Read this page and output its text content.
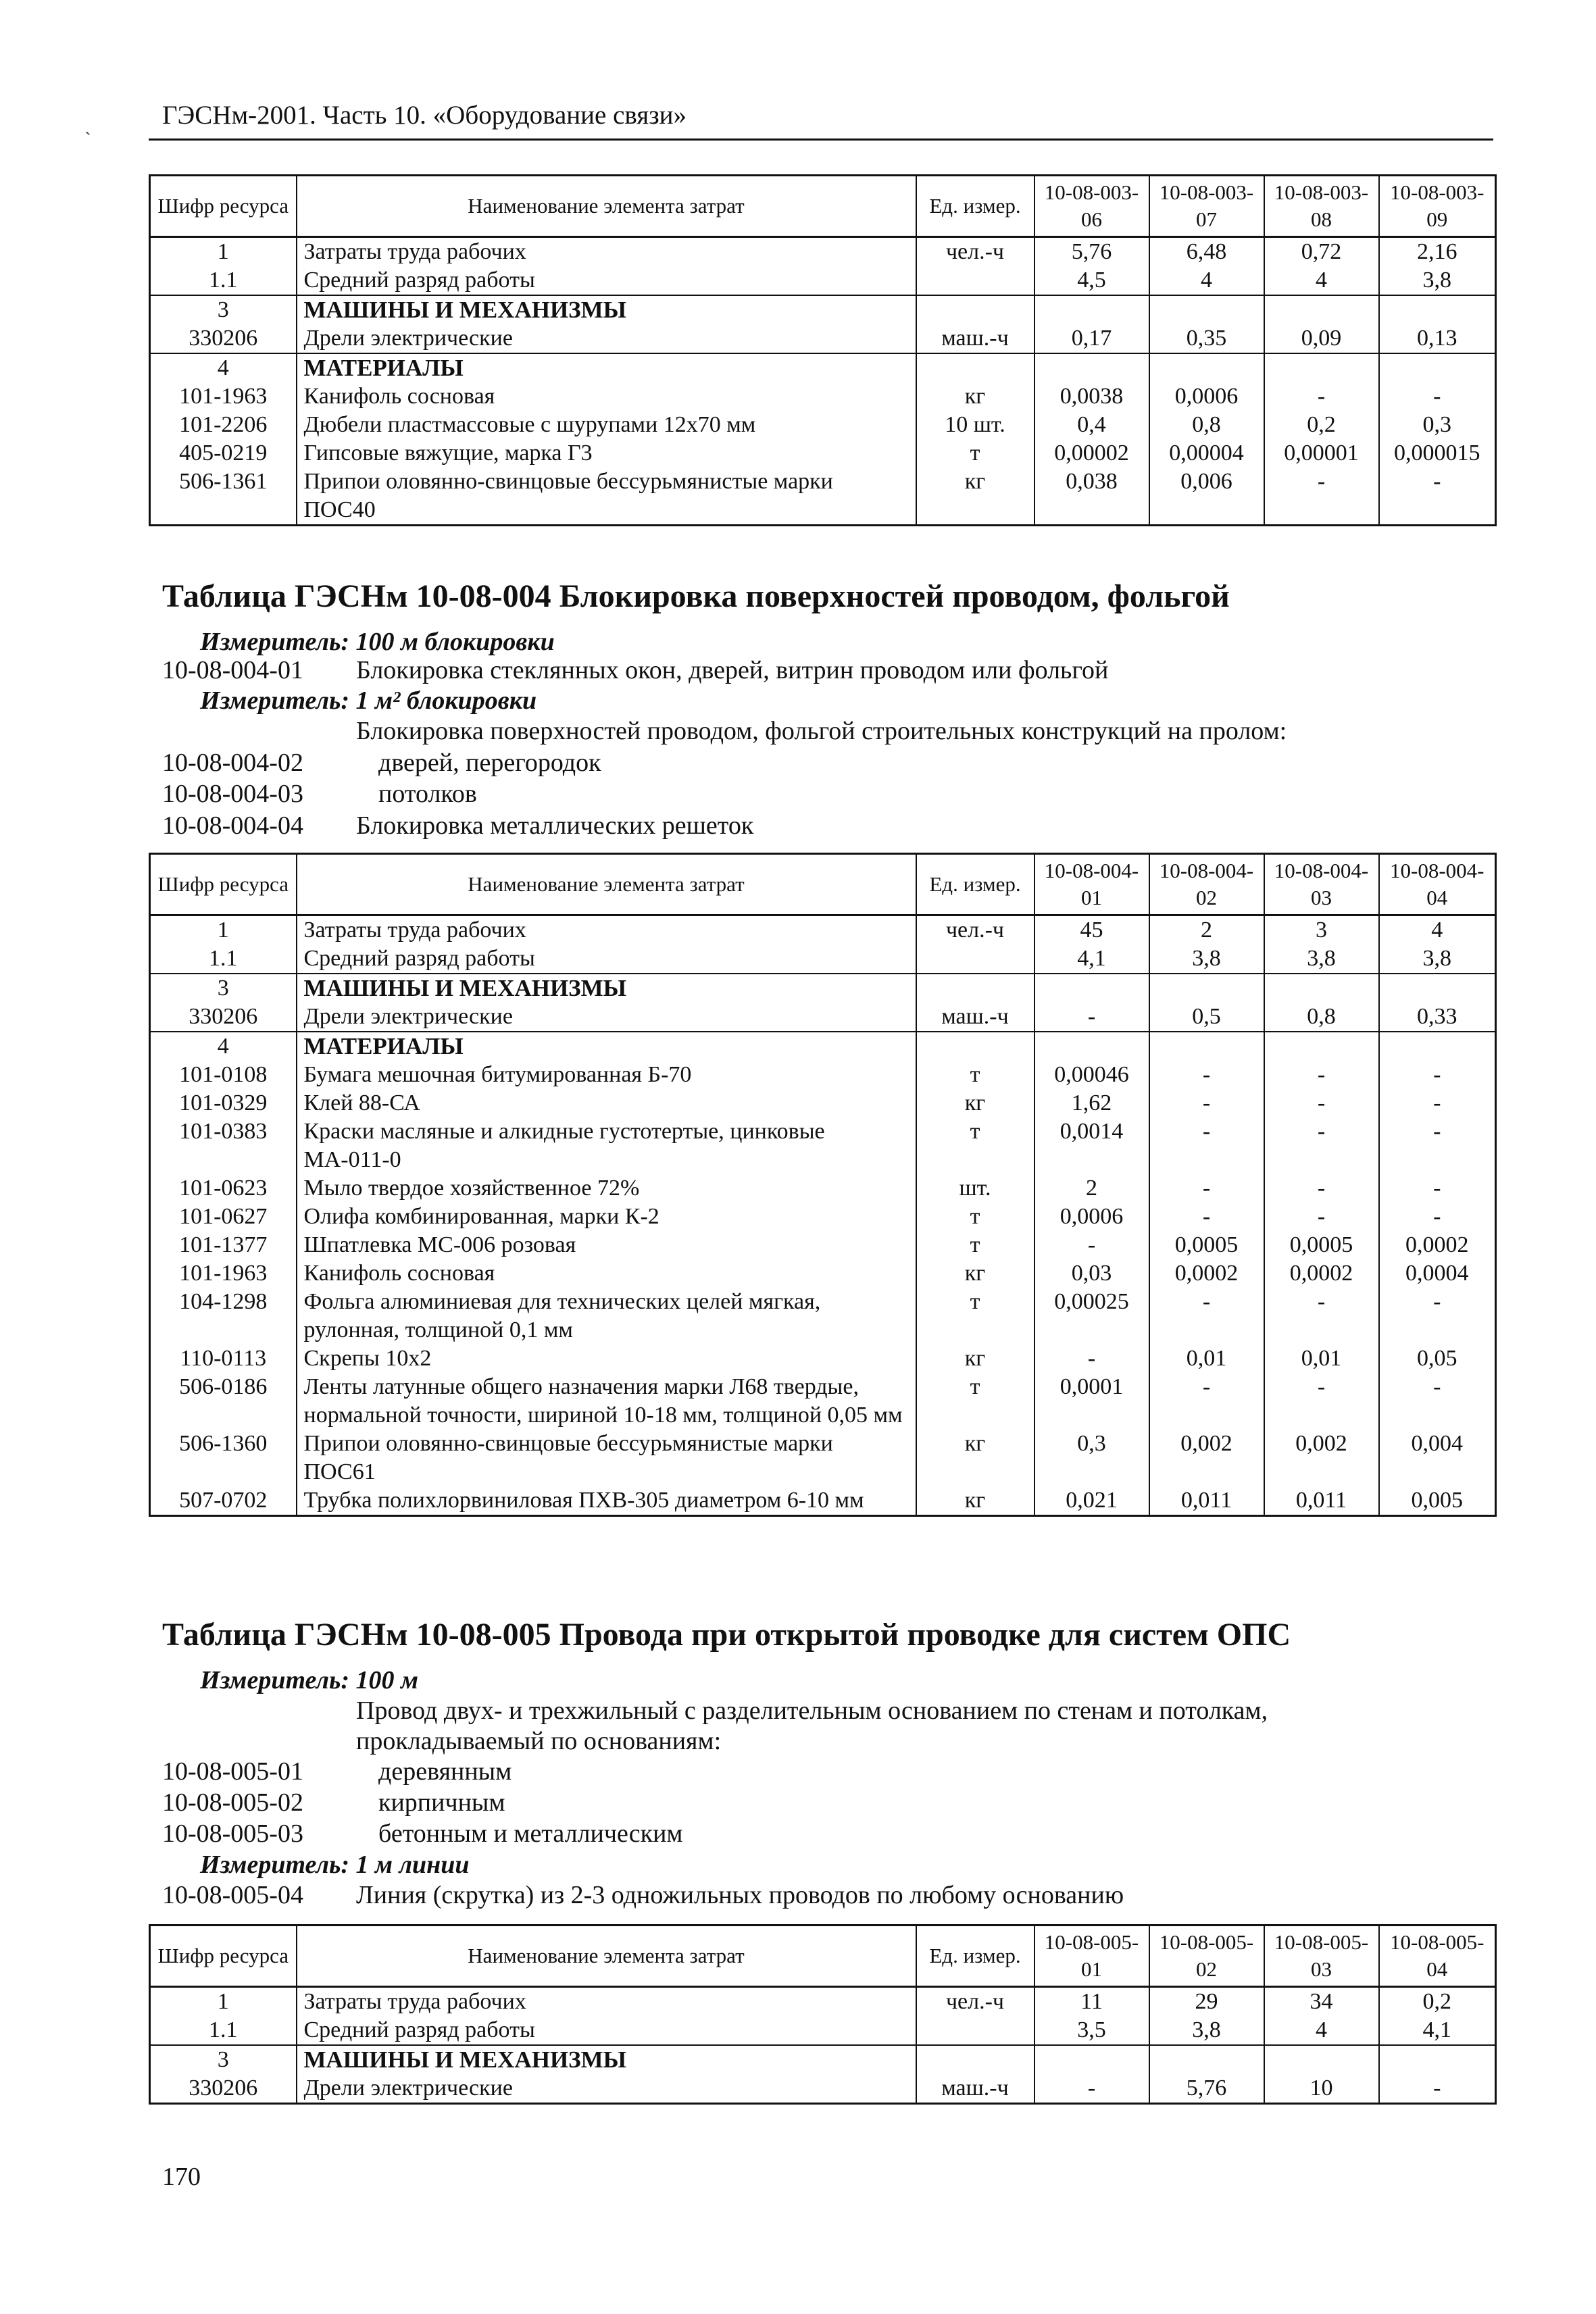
`
ГЭСНм-2001. Часть 10. «Оборудование связи»
Шифр ресурса	Наименование элемента затрат	Ед. измер.	10-08-003-06	10-08-003-07	10-08-003-08	10-08-003-09
1	Затраты труда рабочих	чел.-ч	5,76	6,48	0,72	2,16
1.1	Средний разряд работы		4,5	4	4	3,8
3	МАШИНЫ И МЕХАНИЗМЫ					
330206	Дрели электрические	маш.-ч	0,17	0,35	0,09	0,13
4	МАТЕРИАЛЫ					
101-1963	Канифоль сосновая	кг	0,0038	0,0006	-	-
101-2206	Дюбели пластмассовые с шурупами 12х70 мм	10 шт.	0,4	0,8	0,2	0,3
405-0219	Гипсовые вяжущие, марка Г3	т	0,00002	0,00004	0,00001	0,000015
506-1361	Припои оловянно-свинцовые бессурьмянистые марки ПОС40	кг	0,038	0,006	-	-
Таблица ГЭСНм 10-08-004 Блокировка поверхностей проводом, фольгой
Измеритель: 100 м блокировки
10-08-004-01 Блокировка стеклянных окон, дверей, витрин проводом или фольгой
Измеритель: 1 м² блокировки
Блокировка поверхностей проводом, фольгой строительных конструкций на пролом:
10-08-004-02	дверей, перегородок
10-08-004-03	потолков
10-08-004-04 Блокировка металлических решеток
Шифр ресурса	Наименование элемента затрат	Ед. измер.	10-08-004-01	10-08-004-02	10-08-004-03	10-08-004-04
1	Затраты труда рабочих	чел.-ч	45	2	3	4
1.1	Средний разряд работы		4,1	3,8	3,8	3,8
3	МАШИНЫ И МЕХАНИЗМЫ					
330206	Дрели электрические	маш.-ч	-	0,5	0,8	0,33
4	МАТЕРИАЛЫ					
101-0108	Бумага мешочная битумированная Б-70	т	0,00046	-	-	-
101-0329	Клей 88-СА	кг	1,62	-	-	-
101-0383	Краски масляные и алкидные густотертые, цинковые МА-011-0	т	0,0014	-	-	-
101-0623	Мыло твердое хозяйственное 72%	шт.	2	-	-	-
101-0627	Олифа комбинированная, марки К-2	т	0,0006	-	-	-
101-1377	Шпатлевка МС-006 розовая	т	-	0,0005	0,0005	0,0002
101-1963	Канифоль сосновая	кг	0,03	0,0002	0,0002	0,0004
104-1298	Фольга алюминиевая для технических целей мягкая, рулонная, толщиной 0,1 мм	т	0,00025	-	-	-
110-0113	Скрепы 10х2	кг	-	0,01	0,01	0,05
506-0186	Ленты латунные общего назначения марки Л68 твердые, нормальной точности, шириной 10-18 мм, толщиной 0,05 мм	т	0,0001	-	-	-
506-1360	Припои оловянно-свинцовые бессурьмянистые марки ПОС61	кг	0,3	0,002	0,002	0,004
507-0702	Трубка полихлорвиниловая ПХВ-305 диаметром 6-10 мм	кг	0,021	0,011	0,011	0,005
Таблица ГЭСНм 10-08-005 Провода при открытой проводке для систем ОПС
Измеритель: 100 м
Провод двух- и трехжильный с разделительным основанием по стенам и потолкам,
прокладываемый по основаниям:
10-08-005-01	деревянным
10-08-005-02	кирпичным
10-08-005-03	бетонным и металлическим
Измеритель: 1 м линии
10-08-005-04 Линия (скрутка) из 2-3 одножильных проводов по любому основанию
Шифр ресурса	Наименование элемента затрат	Ед. измер.	10-08-005-01	10-08-005-02	10-08-005-03	10-08-005-04
1	Затраты труда рабочих	чел.-ч	11	29	34	0,2
1.1	Средний разряд работы		3,5	3,8	4	4,1
3	МАШИНЫ И МЕХАНИЗМЫ					
330206	Дрели электрические	маш.-ч	-	5,76	10	-
170
